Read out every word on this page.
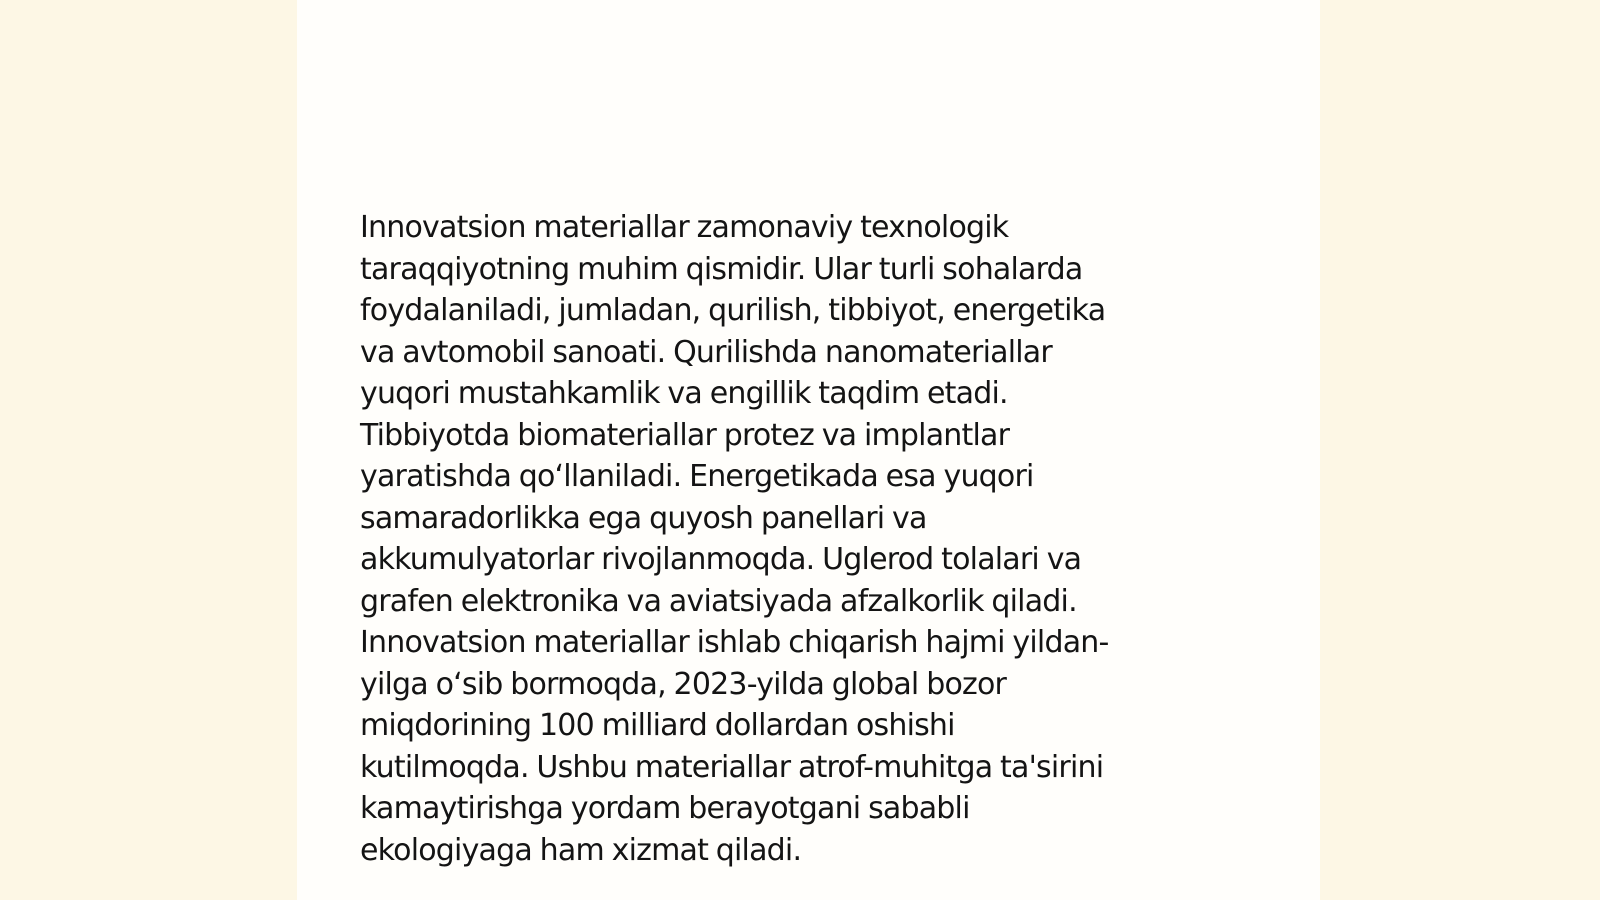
Innovatsion materiallar zamonaviy texnologik
taraqqiyotning muhim qismidir. Ular turli sohalarda
foydalaniladi, jumladan, qurilish, tibbiyot, energetika
va avtomobil sanoati. Qurilishda nanomateriallar
yuqori mustahkamlik va engillik taqdim etadi.
Tibbiyotda biomateriallar protez va implantlar
yaratishda qo‘llaniladi. Energetikada esa yuqori
samaradorlikka ega quyosh panellari va
akkumulyatorlar rivojlanmoqda. Uglerod tolalari va
grafen elektronika va aviatsiyada afzalkorlik qiladi.
Innovatsion materiallar ishlab chiqarish hajmi yildan-
yilga o‘sib bormoqda, 2023-yilda global bozor
miqdorining 100 milliard dollardan oshishi
kutilmoqda. Ushbu materiallar atrof-muhitga ta'sirini
kamaytirishga yordam berayotgani sababli
ekologiyaga ham xizmat qiladi.
